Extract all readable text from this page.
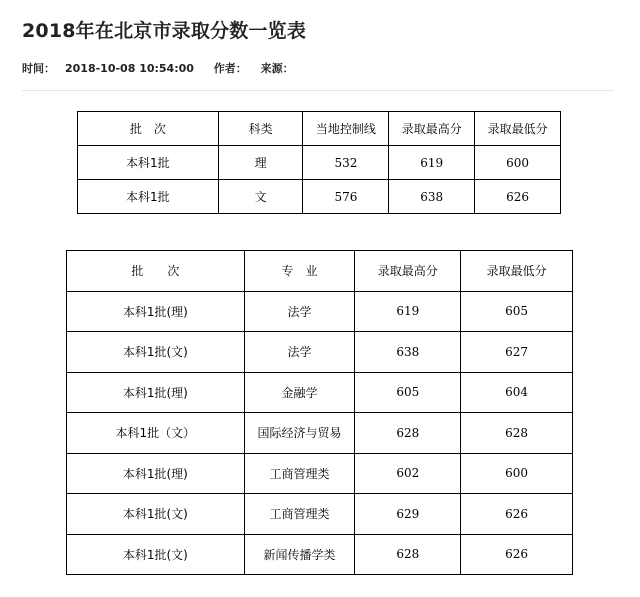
2018年在北京市录取分数一览表
时间： 2018-10-08 10:54:00 作者： 来源：
批　次	科类	当地控制线	录取最高分	录取最低分
本科1批	理	532	619	600
本科1批	文	576	638	626
批　　次	专　业	录取最高分	录取最低分
本科1批(理)	法学	619	605
本科1批(文)	法学	638	627
本科1批(理)	金融学	605	604
本科1批（文）	国际经济与贸易	628	628
本科1批(理)	工商管理类	602	600
本科1批(文)	工商管理类	629	626
本科1批(文)	新闻传播学类	628	626
